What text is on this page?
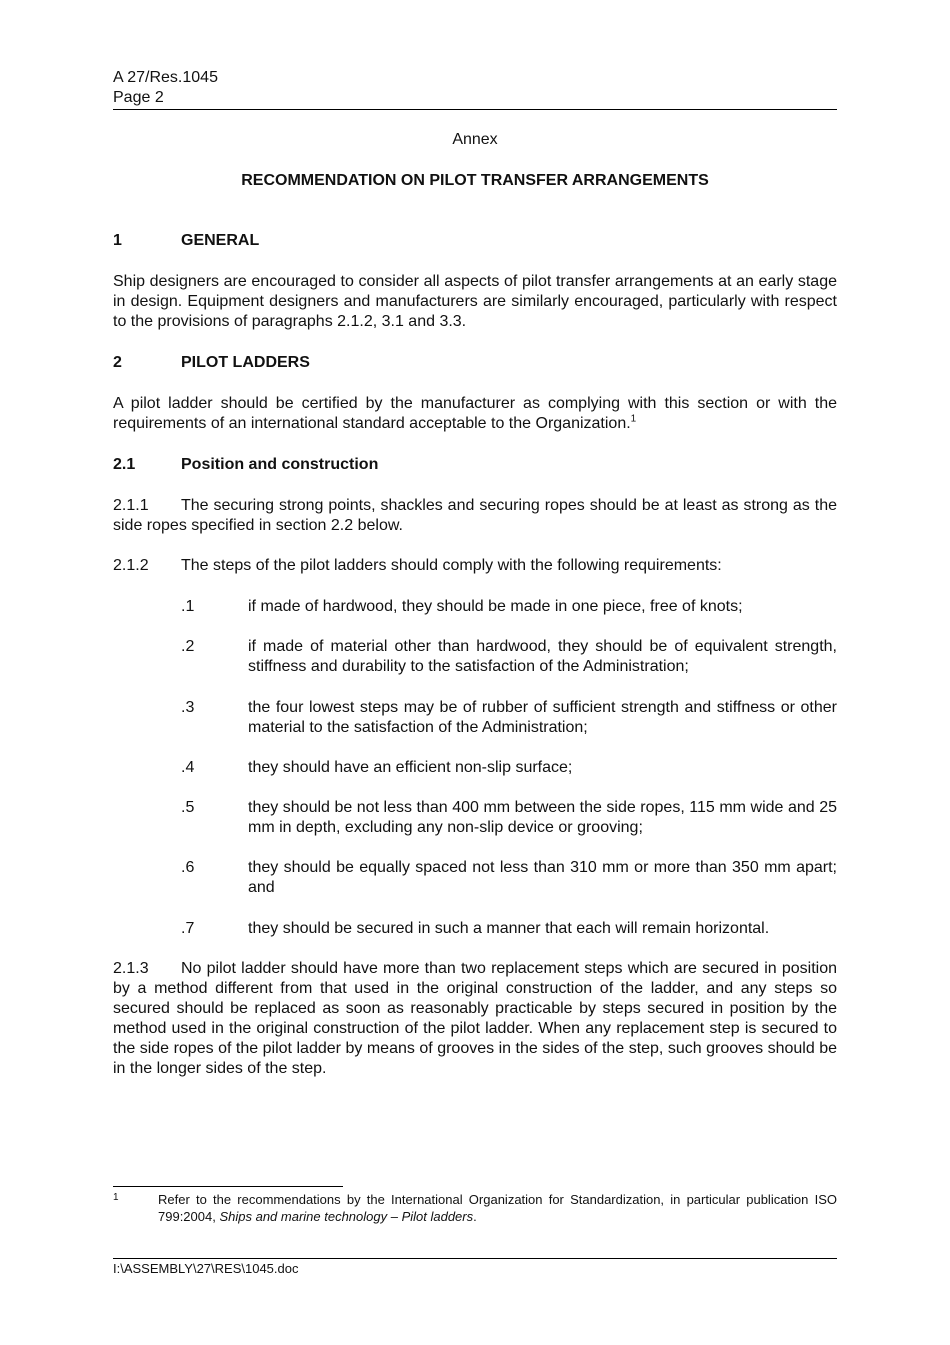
A 27/Res.1045
Page 2
Annex
RECOMMENDATION ON PILOT TRANSFER ARRANGEMENTS
1	GENERAL
Ship designers are encouraged to consider all aspects of pilot transfer arrangements at an early stage in design. Equipment designers and manufacturers are similarly encouraged, particularly with respect to the provisions of paragraphs 2.1.2, 3.1 and 3.3.
2	PILOT LADDERS
A pilot ladder should be certified by the manufacturer as complying with this section or with the requirements of an international standard acceptable to the Organization.$^1$
2.1	Position and construction
2.1.1 The securing strong points, shackles and securing ropes should be at least as strong as the side ropes specified in section 2.2 below.
2.1.2	The steps of the pilot ladders should comply with the following requirements:
.1	if made of hardwood, they should be made in one piece, free of knots;
.2	if made of material other than hardwood, they should be of equivalent strength, stiffness and durability to the satisfaction of the Administration;
.3	the four lowest steps may be of rubber of sufficient strength and stiffness or other material to the satisfaction of the Administration;
.4	they should have an efficient non-slip surface;
.5	they should be not less than 400 mm between the side ropes, 115 mm wide and 25 mm in depth, excluding any non-slip device or grooving;
.6	they should be equally spaced not less than 310 mm or more than 350 mm apart; and
.7	they should be secured in such a manner that each will remain horizontal.
2.1.3 No pilot ladder should have more than two replacement steps which are secured in position by a method different from that used in the original construction of the ladder, and any steps so secured should be replaced as soon as reasonably practicable by steps secured in position by the method used in the original construction of the pilot ladder. When any replacement step is secured to the side ropes of the pilot ladder by means of grooves in the sides of the step, such grooves should be in the longer sides of the step.
1	Refer to the recommendations by the International Organization for Standardization, in particular publication ISO 799:2004, Ships and marine technology – Pilot ladders.
I:\ASSEMBLY\27\RES\1045.doc
